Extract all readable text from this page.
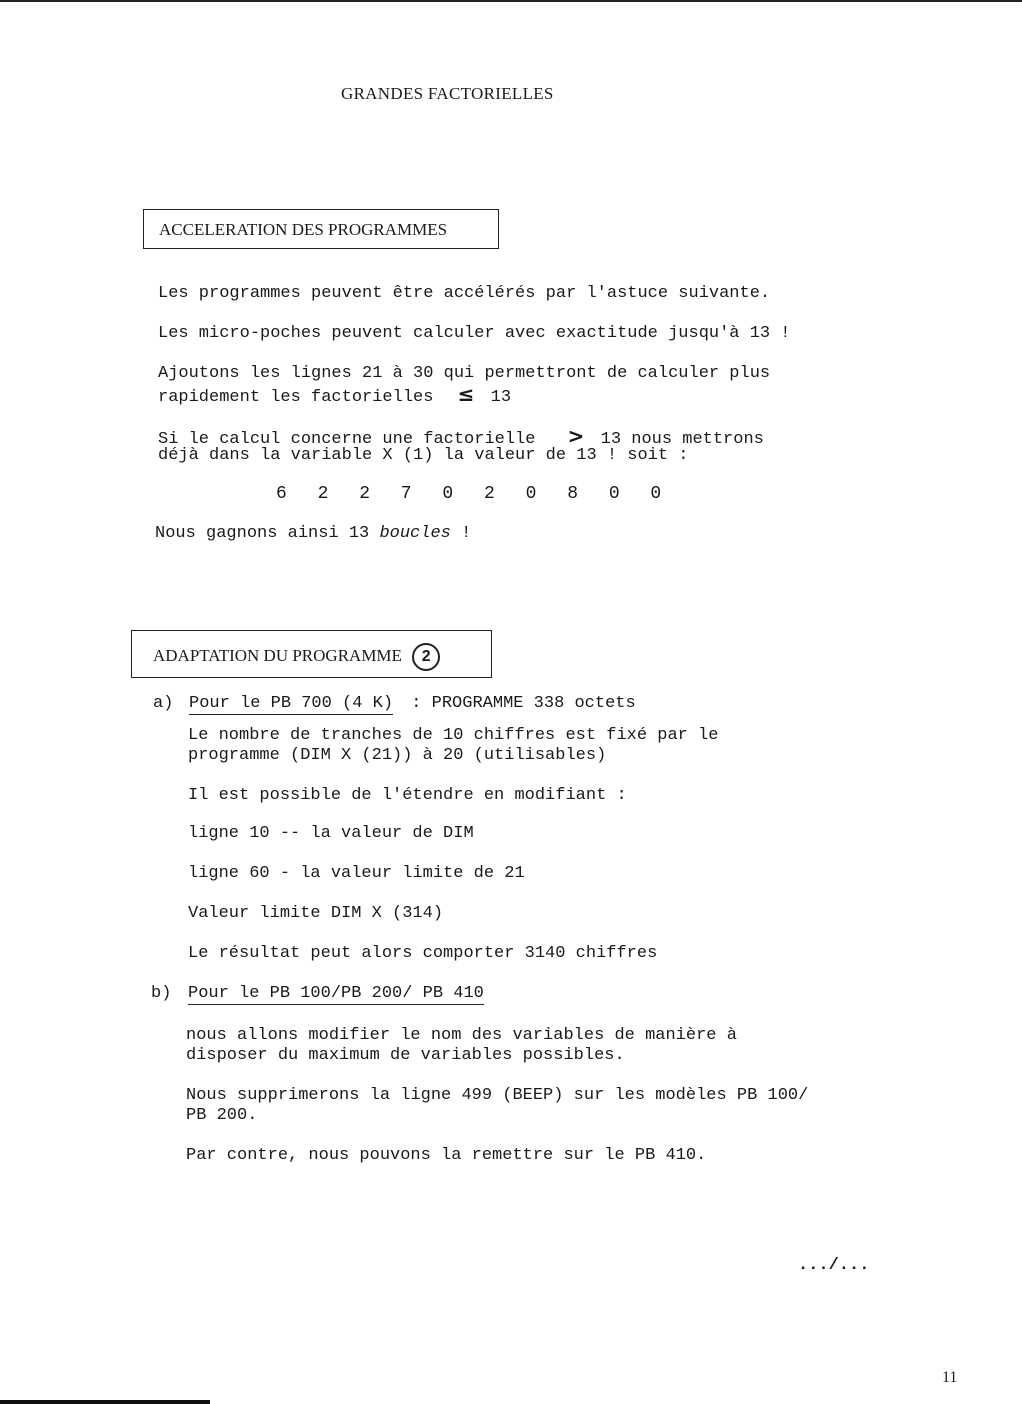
GRANDES FACTORIELLES
ACCELERATION DES PROGRAMMES
Les programmes peuvent être accélérés par l'astuce suivante.
Les micro-poches peuvent calculer avec exactitude jusqu'à 13 !
Ajoutons les lignes 21 à 30 qui permettront de calculer plus
rapidement les factorielles ≤ 13
Si le calcul concerne une factorielle > 13 nous mettrons
déjà dans la variable X (1) la valeur de 13 ! soit :
6 2 2 7 0 2 0 8 0 0
Nous gagnons ainsi 13 boucles !
ADAPTATION DU PROGRAMME 2
a) Pour le PB 700 (4 K) : PROGRAMME 338 octets
Le nombre de tranches de 10 chiffres est fixé par le
programme (DIM X (21)) à 20 (utilisables)
Il est possible de l'étendre en modifiant :
ligne 10 -- la valeur de DIM
ligne 60 - la valeur limite de 21
Valeur limite DIM X (314)
Le résultat peut alors comporter 3140 chiffres
b) Pour le PB 100/PB 200/ PB 410
nous allons modifier le nom des variables de manière à
disposer du maximum de variables possibles.
Nous supprimerons la ligne 499 (BEEP) sur les modèles PB 100/
PB 200.
Par contre, nous pouvons la remettre sur le PB 410.
.../...
11
